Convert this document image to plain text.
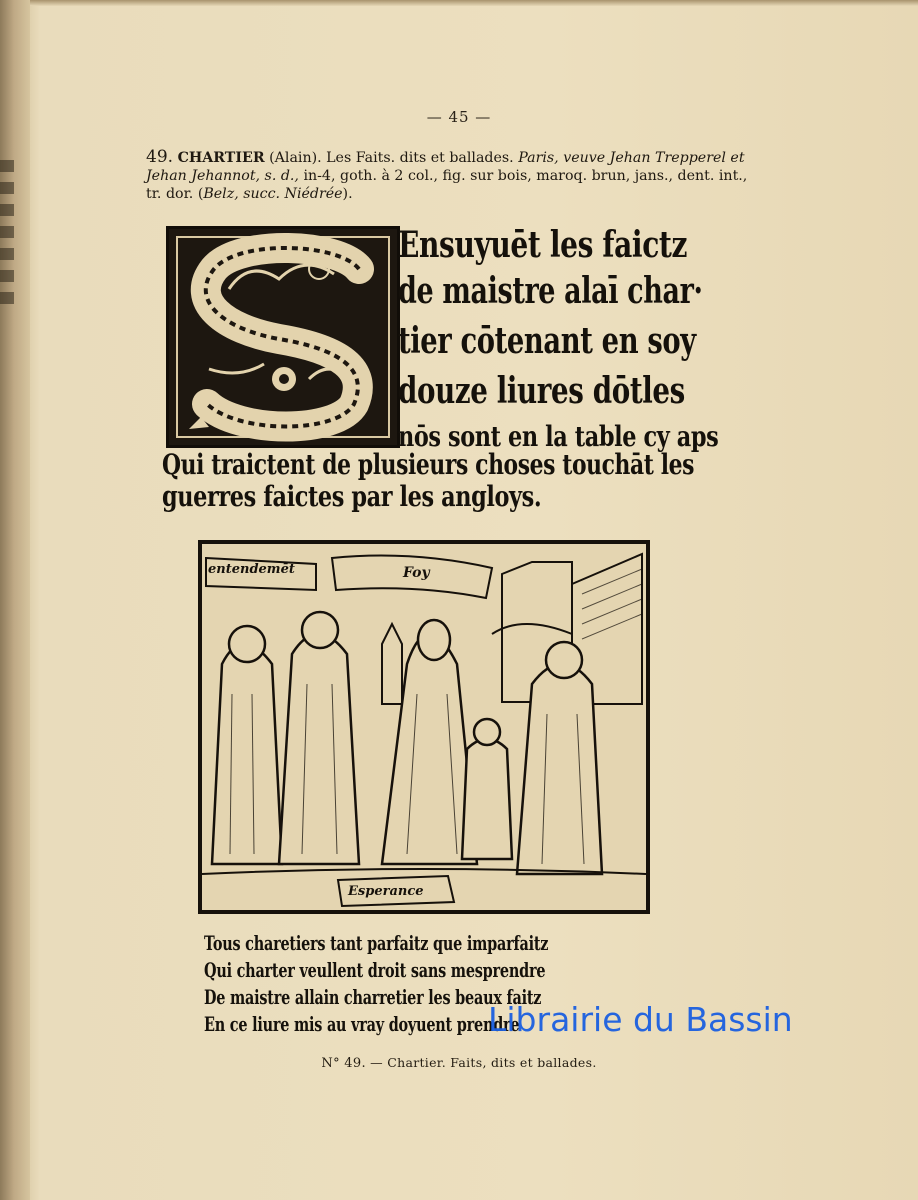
— 45 —
49. CHARTIER (Alain). Les Faits. dits et ballades. Paris, veuve Jehan Trepperel et Jehan Jehannot, s. d., in-4, goth. à 2 col., fig. sur bois, maroq. brun, jans., dent. int., tr. dor. (Belz, succ. Niédrée).
Ensuyuēt les faictz
de maistre alaī char·
tier cōtenant en soy
douze liures dōtles
nōs sont en la table cy aps
Qui traictent de plusieurs choses touchāt les
guerres faictes par les angloys.
entendemēt	Foy
Esperance
Tous charetiers tant parfaitz que imparfaitz
Qui charter veullent droit sans mesprendre
De maistre allain charretier les beaux faitz
En ce liure mis au vray doyuent prendre
Librairie du Bassin
N° 49. — Chartier. Faits, dits et ballades.
